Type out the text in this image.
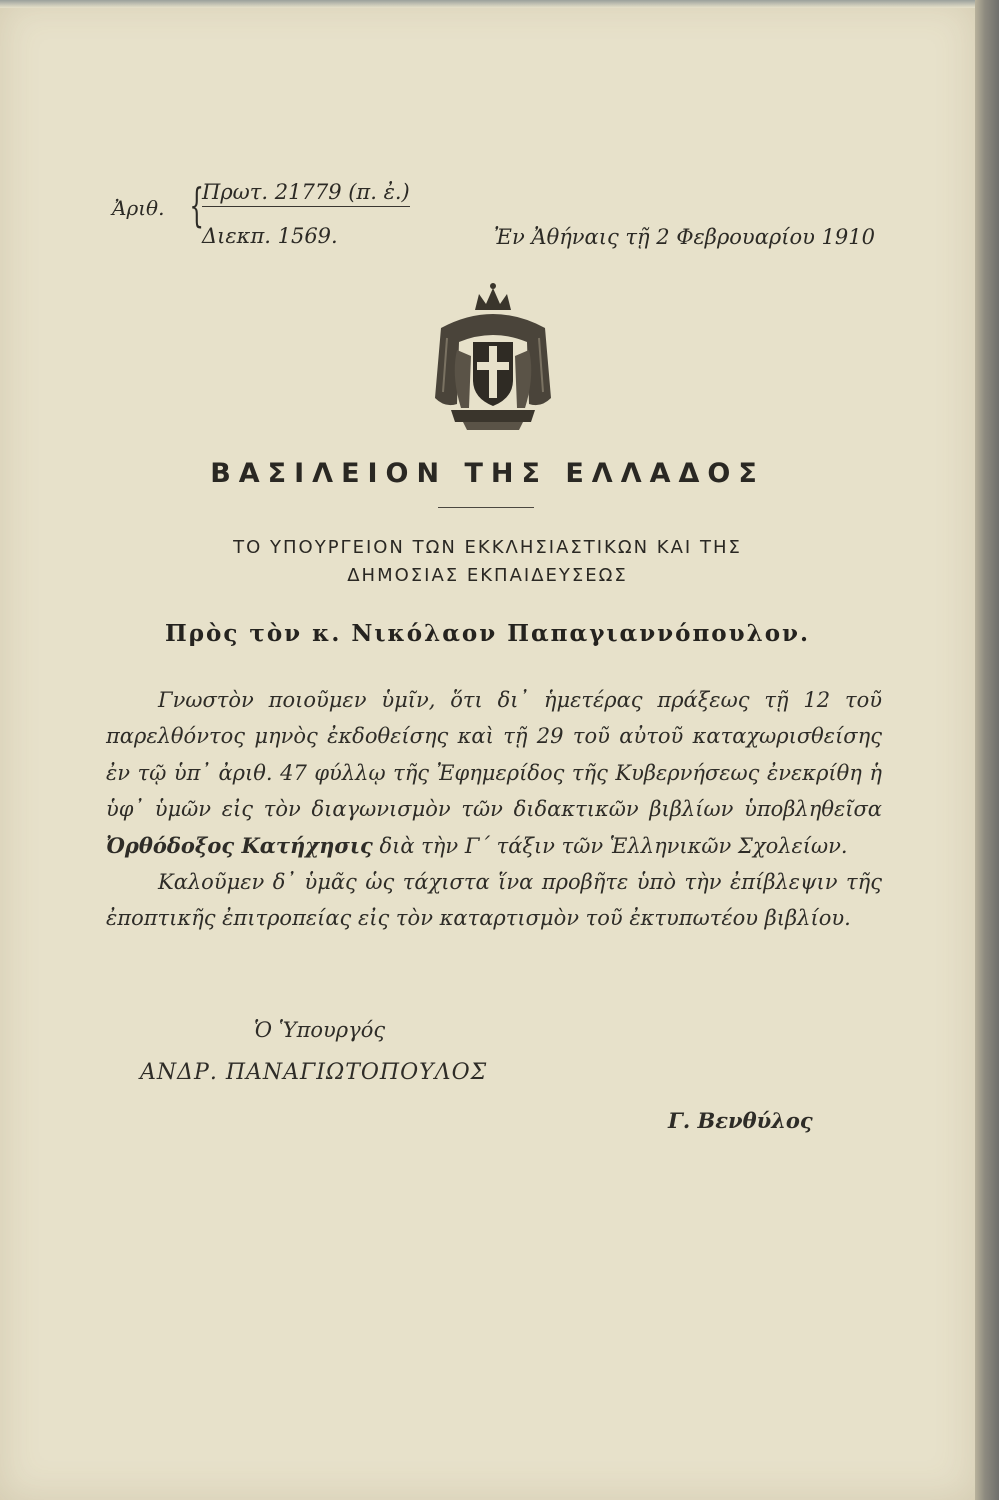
Ἀριθ. {
Πρωτ. 21779 (π. ἐ.)
Διεκπ. 1569.	Ἐν Ἀθήναις τῇ 2 Φεβρουαρίου 1910
ΒΑΣΙΛΕΙΟΝ ΤΗΣ ΕΛΛΑΔΟΣ
ΤΟ ΥΠΟΥΡΓΕΙΟΝ ΤΩΝ ΕΚΚΛΗΣΙΑΣΤΙΚΩΝ ΚΑΙ ΤΗΣ
ΔΗΜΟΣΙΑΣ ΕΚΠΑΙΔΕΥΣΕΩΣ
Πρὸς τὸν κ. Νικόλαον Παπαγιαννόπουλον.

Γνωστὸν ποιοῦμεν ὑμῖν, ὅτι δι᾽ ἡμετέρας πράξεως τῇ 12 τοῦ παρελθόντος μηνὸς ἐκδοθείσης καὶ τῇ 29 τοῦ αὐτοῦ καταχωρισθείσης ἐν τῷ ὑπ᾽ ἀριθ. 47 φύλλῳ τῆς Ἐφημερίδος τῆς Κυβερνήσεως ἐνεκρίθη ἡ ὑφ᾽ ὑμῶν εἰς τὸν διαγωνισμὸν τῶν διδακτικῶν βιβλίων ὑποβληθεῖσα Ὀρθόδοξος Κατήχησις διὰ τὴν Γ´ τάξιν τῶν Ἑλληνικῶν Σχολείων.

Καλοῦμεν δ᾽ ὑμᾶς ὡς τάχιστα ἵνα προβῆτε ὑπὸ τὴν ἐπίβλεψιν τῆς ἐποπτικῆς ἐπιτροπείας εἰς τὸν καταρτισμὸν τοῦ ἐκτυπωτέου βιβλίου.

Ὁ Ὑπουργός
ΑΝΔΡ. ΠΑΝΑΓΙΩΤΟΠΟΥΛΟΣ
Γ. Βενθύλος
